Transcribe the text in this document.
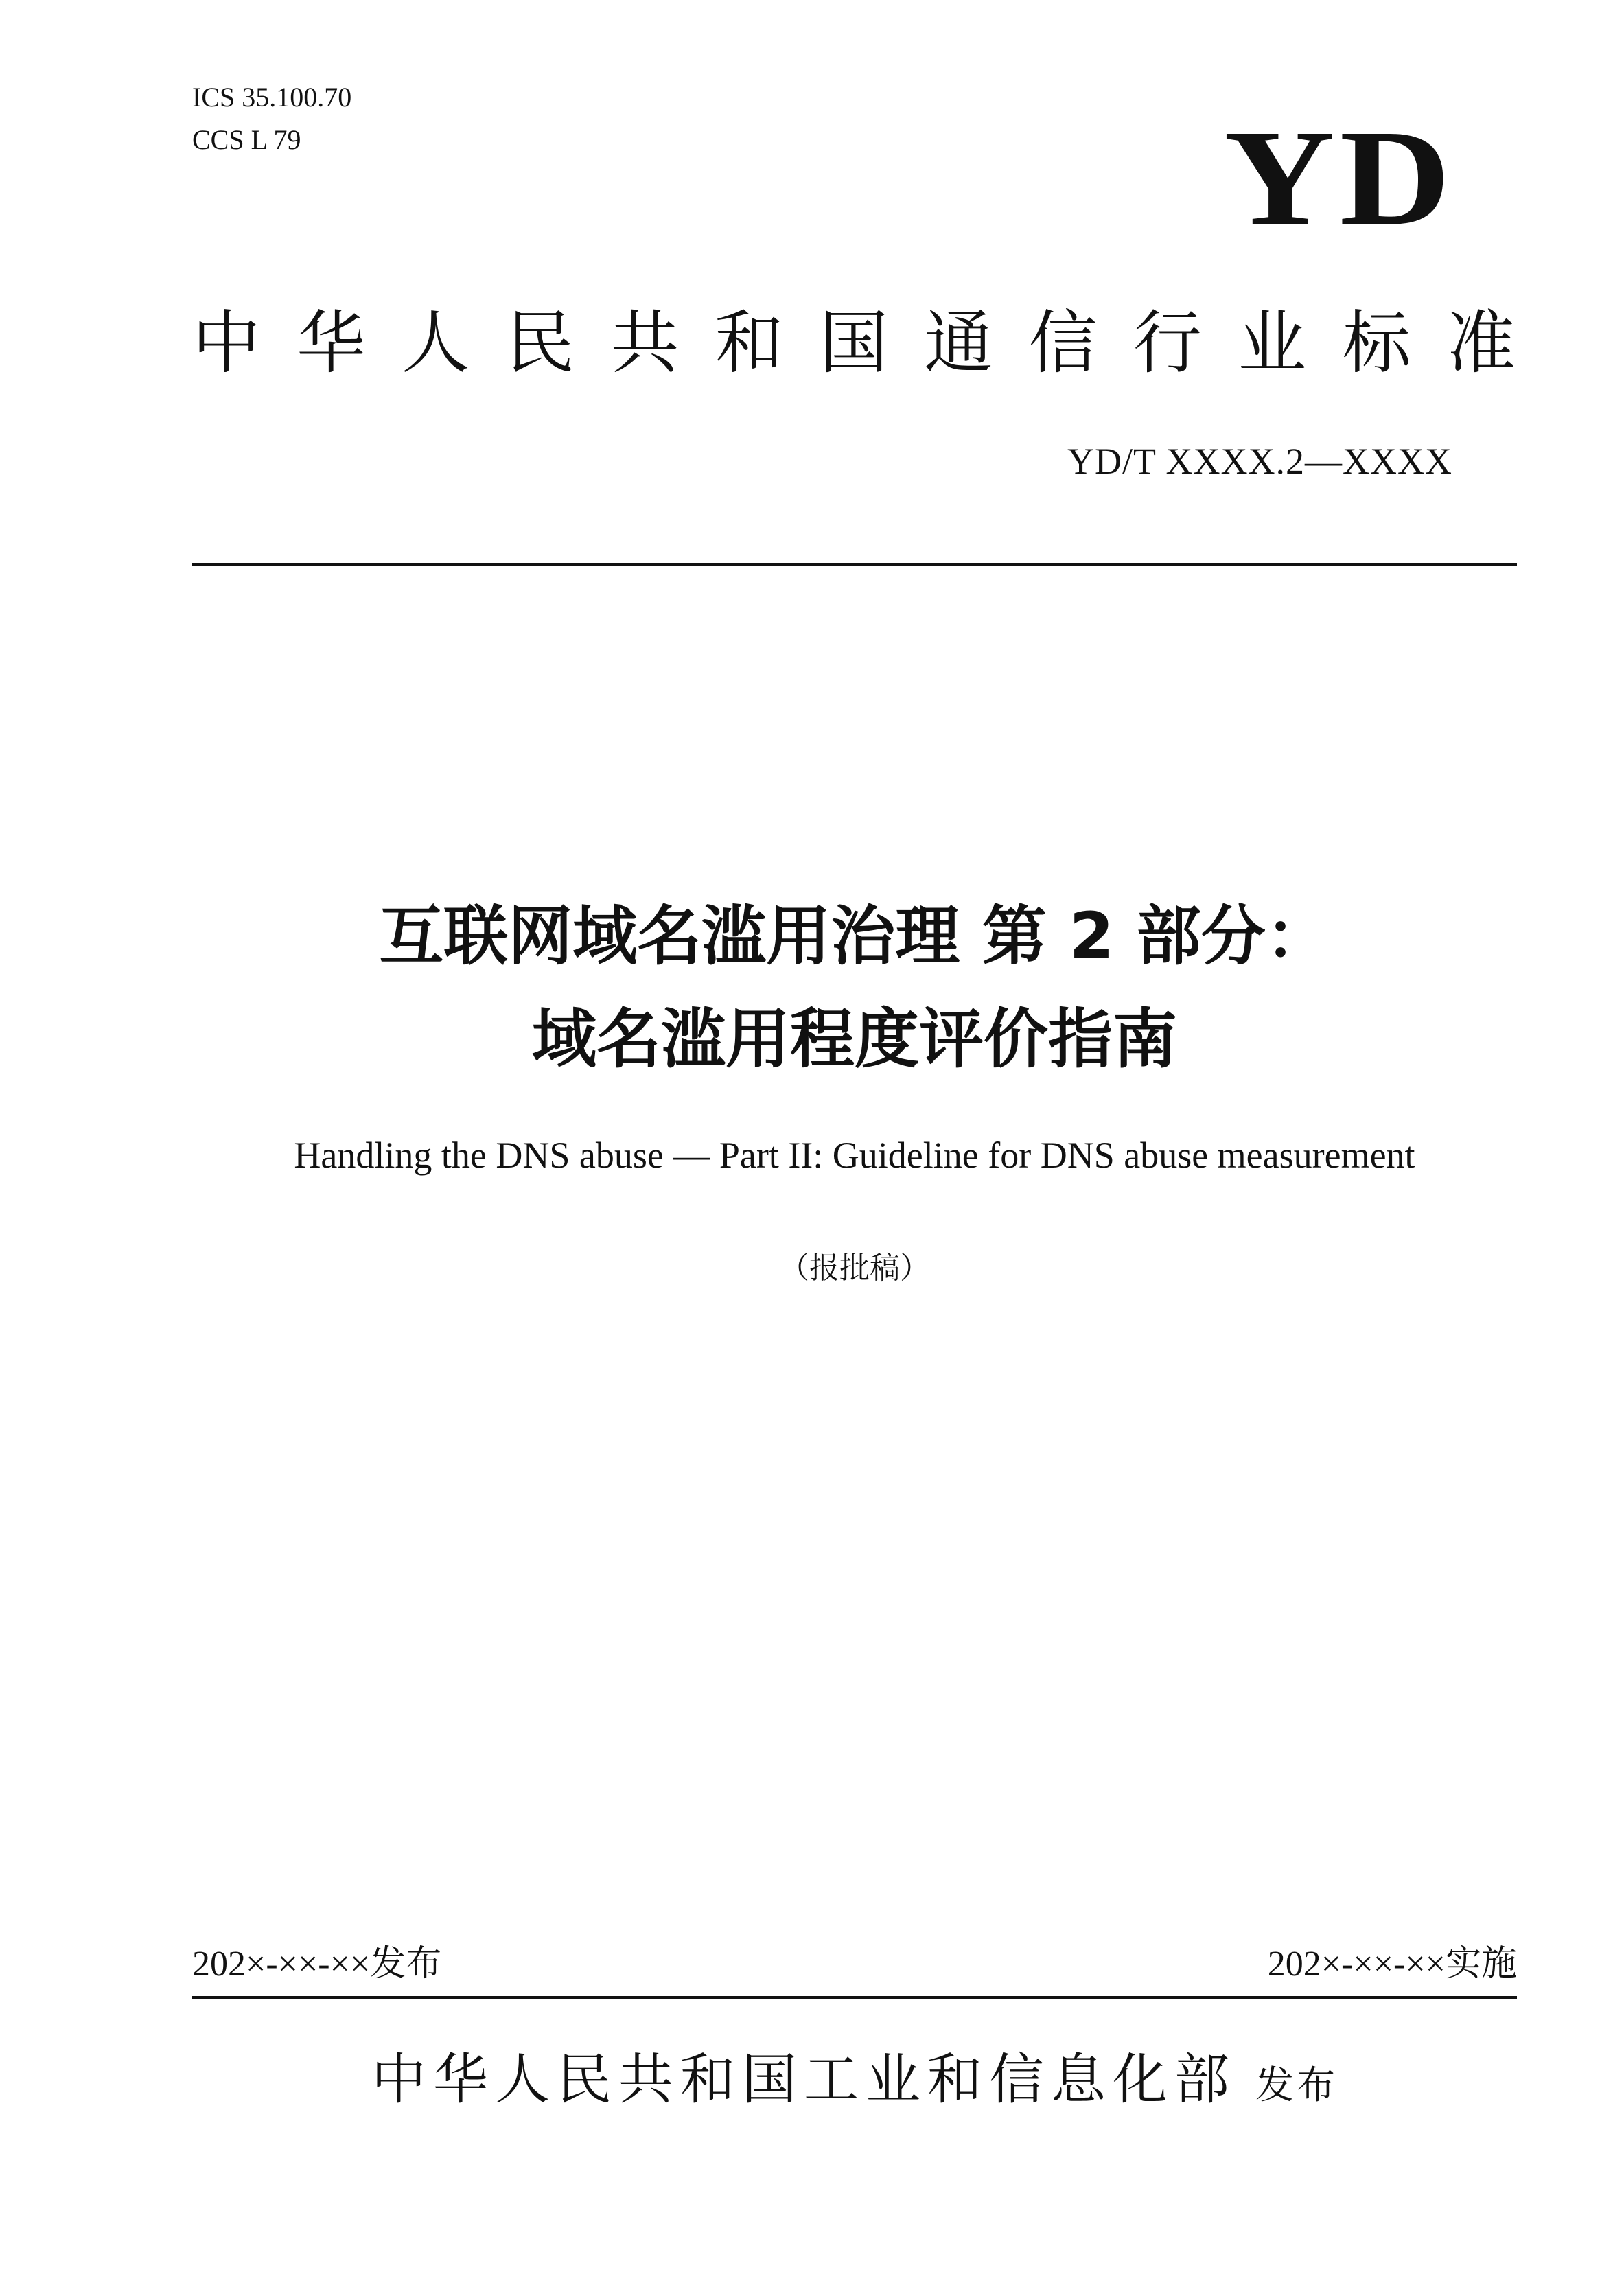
ICS 35.100.70
CCS L 79	YD
中 华 人 民 共 和 国 通 信 行 业 标 准
YD/T XXXX.2—XXXX
互联网域名滥用治理 第 2 部分：
域名滥用程度评价指南
Handling the DNS abuse — Part II: Guideline for DNS abuse measurement
（报批稿）
202×-××-××发布	202×-××-××实施
中华人民共和国工业和信息化部 发布
